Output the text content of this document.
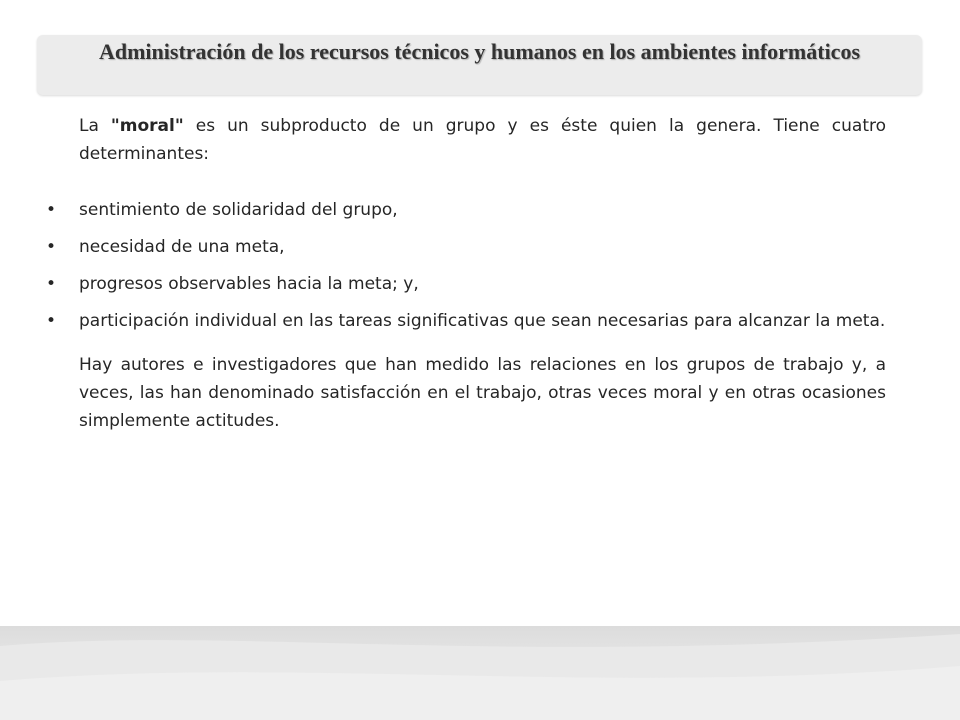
Administración de los recursos técnicos y humanos en los ambientes informáticos

La "moral" es un subproducto de un grupo y es éste quien la genera. Tiene cuatro determinantes:

• sentimiento de solidaridad del grupo,
• necesidad de una meta,
• progresos observables hacia la meta; y,
• participación individual en las tareas significativas que sean necesarias para alcanzar la meta.

Hay autores e investigadores que han medido las relaciones en los grupos de trabajo y, a veces, las han denominado satisfacción en el trabajo, otras veces moral y en otras ocasiones simplemente actitudes.
